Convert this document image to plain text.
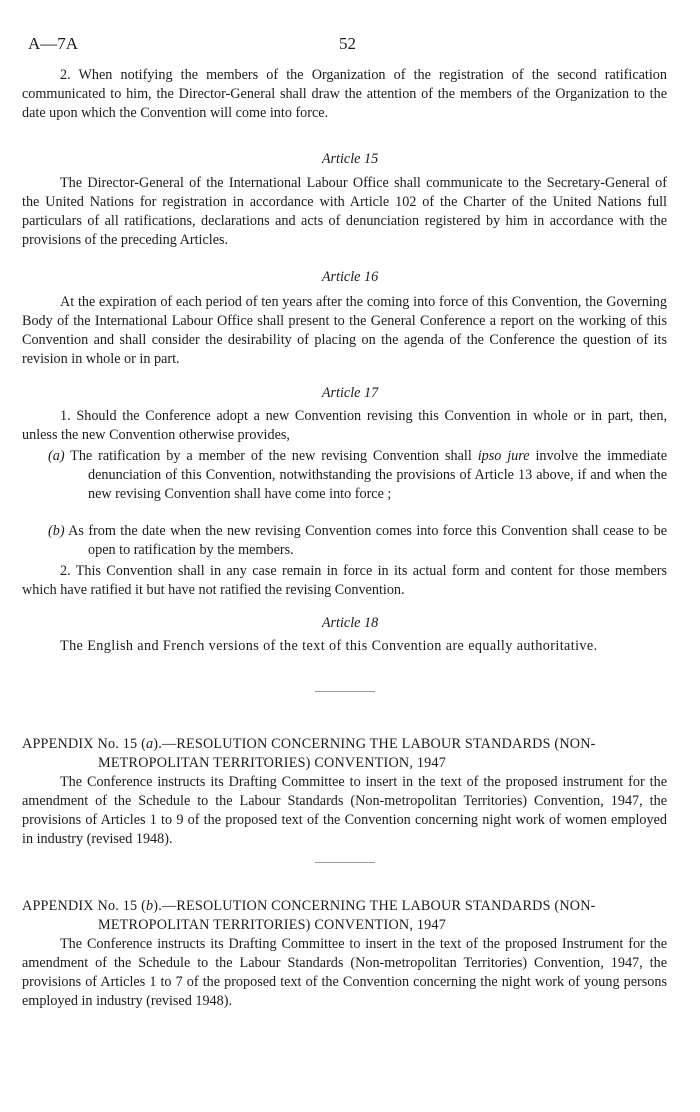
A—7A	52

2. When notifying the members of the Organization of the registration of the second ratification communicated to him, the Director-General shall draw the attention of the members of the Organization to the date upon which the Convention will come into force.

Article 15

The Director-General of the International Labour Office shall communicate to the Secretary-General of the United Nations for registration in accordance with Article 102 of the Charter of the United Nations full particulars of all ratifications, declarations and acts of denunciation registered by him in accordance with the provisions of the preceding Articles.

Article 16

At the expiration of each period of ten years after the coming into force of this Convention, the Governing Body of the International Labour Office shall present to the General Conference a report on the working of this Convention and shall consider the desirability of placing on the agenda of the Conference the question of its revision in whole or in part.

Article 17

1. Should the Conference adopt a new Convention revising this Convention in whole or in part, then, unless the new Convention otherwise provides,

(a) The ratification by a member of the new revising Convention shall ipso jure involve the immediate denunciation of this Convention, notwithstanding the provisions of Article 13 above, if and when the new revising Convention shall have come into force ;

(b) As from the date when the new revising Convention comes into force this Convention shall cease to be open to ratification by the members.

2. This Convention shall in any case remain in force in its actual form and content for those members which have ratified it but have not ratified the revising Convention.

Article 18

The English and French versions of the text of this Convention are equally authoritative.

APPENDIX No. 15 (a).—RESOLUTION CONCERNING THE LABOUR STANDARDS (NON-METROPOLITAN TERRITORIES) CONVENTION, 1947

The Conference instructs its Drafting Committee to insert in the text of the proposed instrument for the amendment of the Schedule to the Labour Standards (Non-metropolitan Territories) Convention, 1947, the provisions of Articles 1 to 9 of the proposed text of the Convention concerning night work of women employed in industry (revised 1948).

APPENDIX No. 15 (b).—RESOLUTION CONCERNING THE LABOUR STANDARDS (NON-METROPOLITAN TERRITORIES) CONVENTION, 1947

The Conference instructs its Drafting Committee to insert in the text of the proposed Instrument for the amendment of the Schedule to the Labour Standards (Non-metropolitan Territories) Convention, 1947, the provisions of Articles 1 to 7 of the proposed text of the Convention concerning the night work of young persons employed in industry (revised 1948).
